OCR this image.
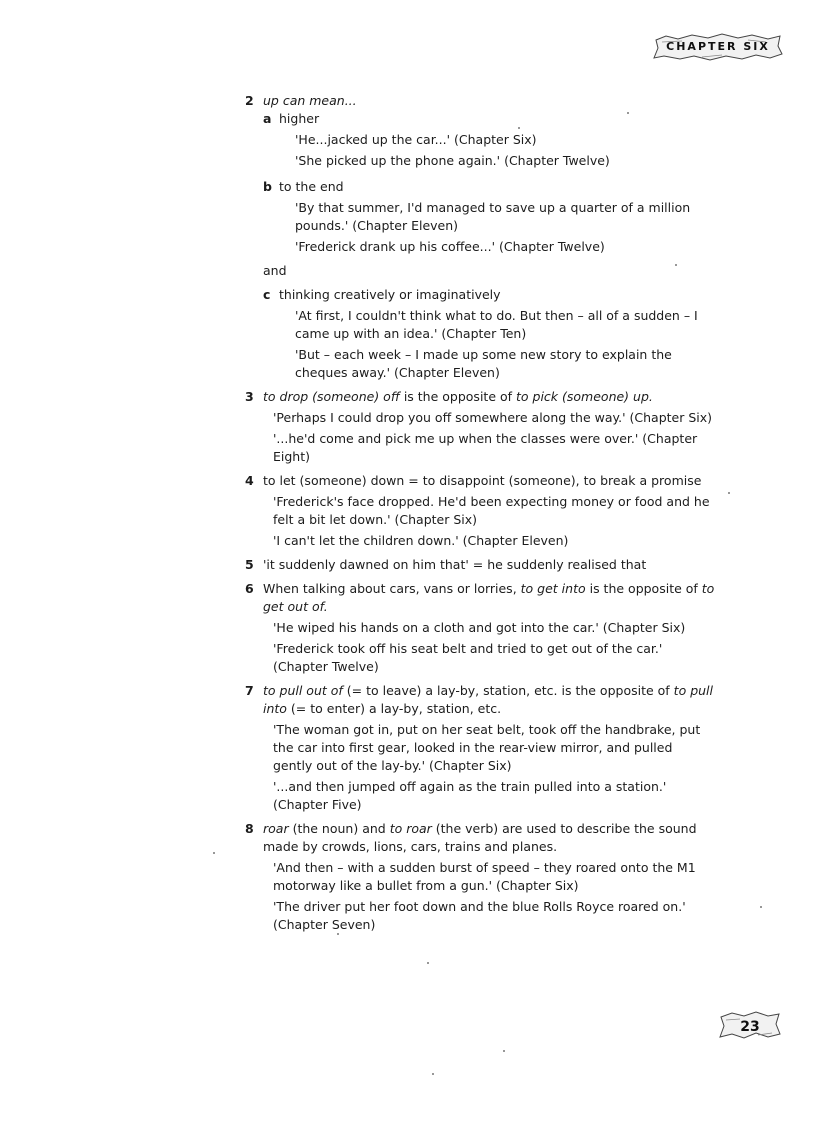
CHAPTER SIX
2 up can mean...
a higher
'He...jacked up the car...' (Chapter Six)
'She picked up the phone again.' (Chapter Twelve)
b to the end
'By that summer, I'd managed to save up a quarter of a million pounds.' (Chapter Eleven)
'Frederick drank up his coffee...' (Chapter Twelve)
and
c thinking creatively or imaginatively
'At first, I couldn't think what to do. But then – all of a sudden – I came up with an idea.' (Chapter Ten)
'But – each week – I made up some new story to explain the cheques away.' (Chapter Eleven)
3 to drop (someone) off is the opposite of to pick (someone) up.
'Perhaps I could drop you off somewhere along the way.' (Chapter Six)
'...he'd come and pick me up when the classes were over.' (Chapter Eight)
4 to let (someone) down = to disappoint (someone), to break a promise
'Frederick's face dropped. He'd been expecting money or food and he felt a bit let down.' (Chapter Six)
'I can't let the children down.' (Chapter Eleven)
5 'it suddenly dawned on him that' = he suddenly realised that
6 When talking about cars, vans or lorries, to get into is the opposite of to get out of.
'He wiped his hands on a cloth and got into the car.' (Chapter Six)
'Frederick took off his seat belt and tried to get out of the car.' (Chapter Twelve)
7 to pull out of (= to leave) a lay-by, station, etc. is the opposite of to pull into (= to enter) a lay-by, station, etc.
'The woman got in, put on her seat belt, took off the handbrake, put the car into first gear, looked in the rear-view mirror, and pulled gently out of the lay-by.' (Chapter Six)
'...and then jumped off again as the train pulled into a station.' (Chapter Five)
8 roar (the noun) and to roar (the verb) are used to describe the sound made by crowds, lions, cars, trains and planes.
'And then – with a sudden burst of speed – they roared onto the M1 motorway like a bullet from a gun.' (Chapter Six)
'The driver put her foot down and the blue Rolls Royce roared on.' (Chapter Seven)
23
